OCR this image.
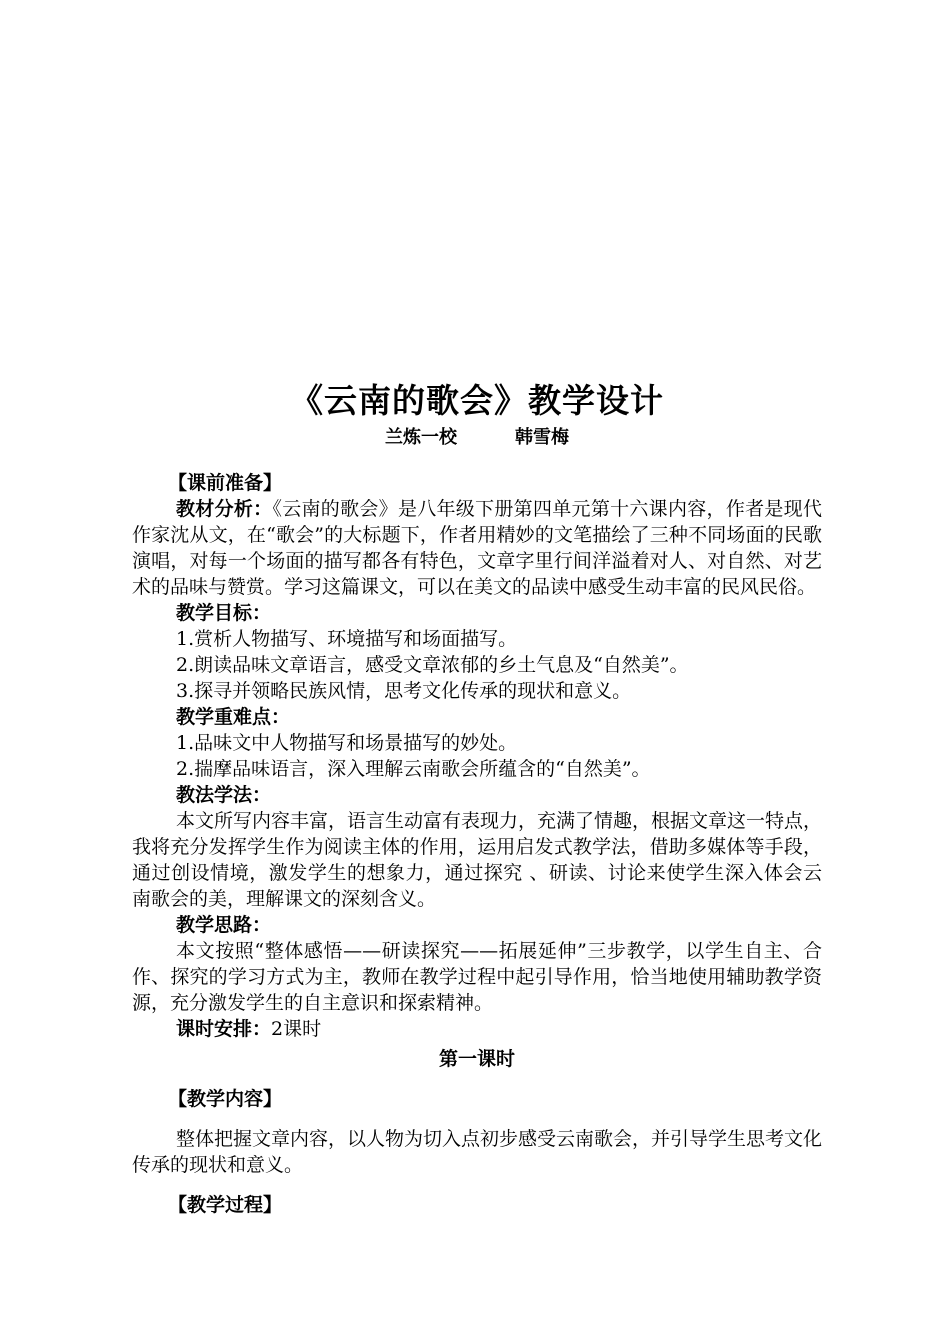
《云南的歌会》教学设计
兰炼一校	韩雪梅
【课前准备】

教材分析：《云南的歌会》是八年级下册第四单元第十六课内容，作者是现代作家沈从文，在“歌会”的大标题下，作者用精妙的文笔描绘了三种不同场面的民歌演唱，对每一个场面的描写都各有特色，文章字里行间洋溢着对人、对自然、对艺术的品味与赞赏。学习这篇课文，可以在美文的品读中感受生动丰富的民风民俗。

教学目标：

1.赏析人物描写、环境描写和场面描写。

2.朗读品味文章语言，感受文章浓郁的乡土气息及“自然美”。

3.探寻并领略民族风情，思考文化传承的现状和意义。

教学重难点：

1.品味文中人物描写和场景描写的妙处。

2.揣摩品味语言，深入理解云南歌会所蕴含的“自然美”。

教法学法：

本文所写内容丰富，语言生动富有表现力，充满了情趣，根据文章这一特点，我将充分发挥学生作为阅读主体的作用，运用启发式教学法，借助多媒体等手段，通过创设情境，激发学生的想象力，通过探究 、研读、讨论来使学生深入体会云南歌会的美，理解课文的深刻含义。

教学思路：

本文按照“整体感悟——研读探究——拓展延伸”三步教学，以学生自主、合作、探究的学习方式为主，教师在教学过程中起引导作用，恰当地使用辅助教学资源，充分激发学生的自主意识和探索精神。

课时安排：2课时

第一课时
【教学内容】

整体把握文章内容，以人物为切入点初步感受云南歌会，并引导学生思考文化传承的现状和意义。

【教学过程】
